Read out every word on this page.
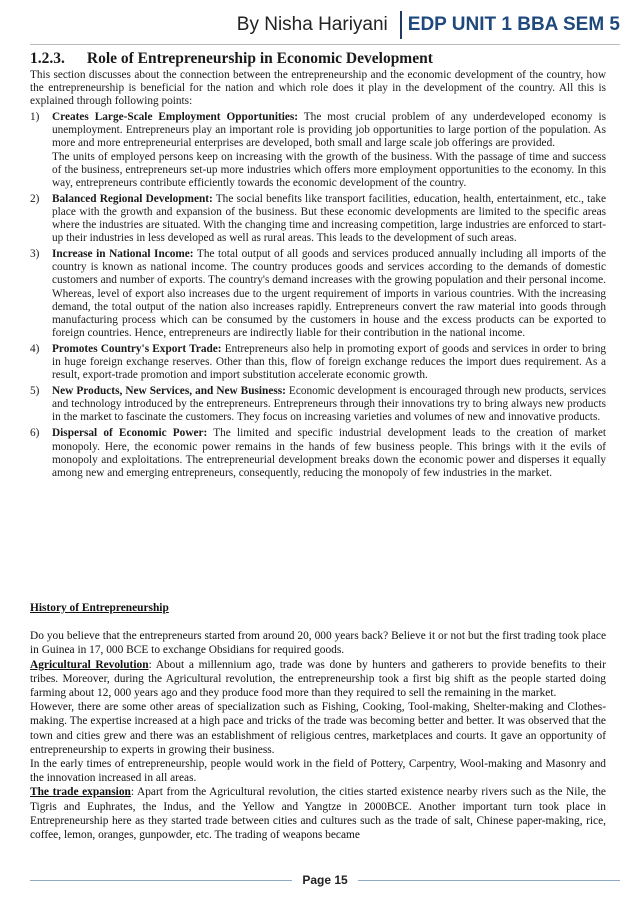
By Nisha Hariyani	EDP UNIT 1 BBA SEM 5
1.2.3. Role of Entrepreneurship in Economic Development

This section discusses about the connection between the entrepreneurship and the economic development of the country, how the entrepreneurship is beneficial for the nation and which role does it play in the development of the country. All this is explained through following points:

1)	Creates Large-Scale Employment Opportunities: The most crucial problem of any underdeveloped economy is unemployment. Entrepreneurs play an important role is providing job opportunities to large portion of the population. As more and more entrepreneurial enterprises are developed, both small and large scale job offerings are provided.

The units of employed persons keep on increasing with the growth of the business. With the passage of time and success of the business, entrepreneurs set-up more industries which offers more employment opportunities to the economy. In this way, entrepreneurs contribute efficiently towards the economic development of the country.

2)	Balanced Regional Development: The social benefits like transport facilities, education, health, entertainment, etc., take place with the growth and expansion of the business. But these economic developments are limited to the specific areas where the industries are situated. With the changing time and increasing competition, large industries are enforced to start-up their industries in less developed as well as rural areas. This leads to the development of such areas.
3)	Increase in National Income: The total output of all goods and services produced annually including all imports of the country is known as national income. The country produces goods and services according to the demands of domestic customers and number of exports. The country's demand increases with the growing population and their personal income. Whereas, level of export also increases due to the urgent requirement of imports in various countries. With the increasing demand, the total output of the nation also increases rapidly. Entrepreneurs convert the raw material into goods through manufacturing process which can be consumed by the customers in house and the excess products can be exported to foreign countries. Hence, entrepreneurs are indirectly liable for their contribution in the national income.
4)	Promotes Country's Export Trade: Entrepreneurs also help in promoting export of goods and services in order to bring in huge foreign exchange reserves. Other than this, flow of foreign exchange reduces the import dues requirement. As a result, export-trade promotion and import substitution accelerate economic growth.
5)	New Products, New Services, and New Business: Economic development is encouraged through new products, services and technology introduced by the entrepreneurs. Entrepreneurs through their innovations try to bring always new products in the market to fascinate the customers. They focus on increasing varieties and volumes of new and innovative products.
6)	Dispersal of Economic Power: The limited and specific industrial development leads to the creation of market monopoly. Here, the economic power remains in the hands of few business people. This brings with it the evils of monopoly and exploitations. The entrepreneurial development breaks down the economic power and disperses it equally among new and emerging entrepreneurs, consequently, reducing the monopoly of few industries in the market.
History of Entrepreneurship

Do you believe that the entrepreneurs started from around 20, 000 years back? Believe it or not but the first trading took place in Guinea in 17, 000 BCE to exchange Obsidians for required goods.

Agricultural Revolution: About a millennium ago, trade was done by hunters and gatherers to provide benefits to their tribes. Moreover, during the Agricultural revolution, the entrepreneurship took a first big shift as the people started doing farming about 12, 000 years ago and they produce food more than they required to sell the remaining in the market.

However, there are some other areas of specialization such as Fishing, Cooking, Tool-making, Shelter-making and Clothes-making. The expertise increased at a high pace and tricks of the trade was becoming better and better. It was observed that the town and cities grew and there was an establishment of religious centres, marketplaces and courts. It gave an opportunity of entrepreneurship to experts in growing their business.

In the early times of entrepreneurship, people would work in the field of Pottery, Carpentry, Wool-making and Masonry and the innovation increased in all areas.

The trade expansion: Apart from the Agricultural revolution, the cities started existence nearby rivers such as the Nile, the Tigris and Euphrates, the Indus, and the Yellow and Yangtze in 2000BCE. Another important turn took place in Entrepreneurship here as they started trade between cities and cultures such as the trade of salt, Chinese paper-making, rice, coffee, lemon, oranges, gunpowder, etc. The trading of weapons became

Page 15
